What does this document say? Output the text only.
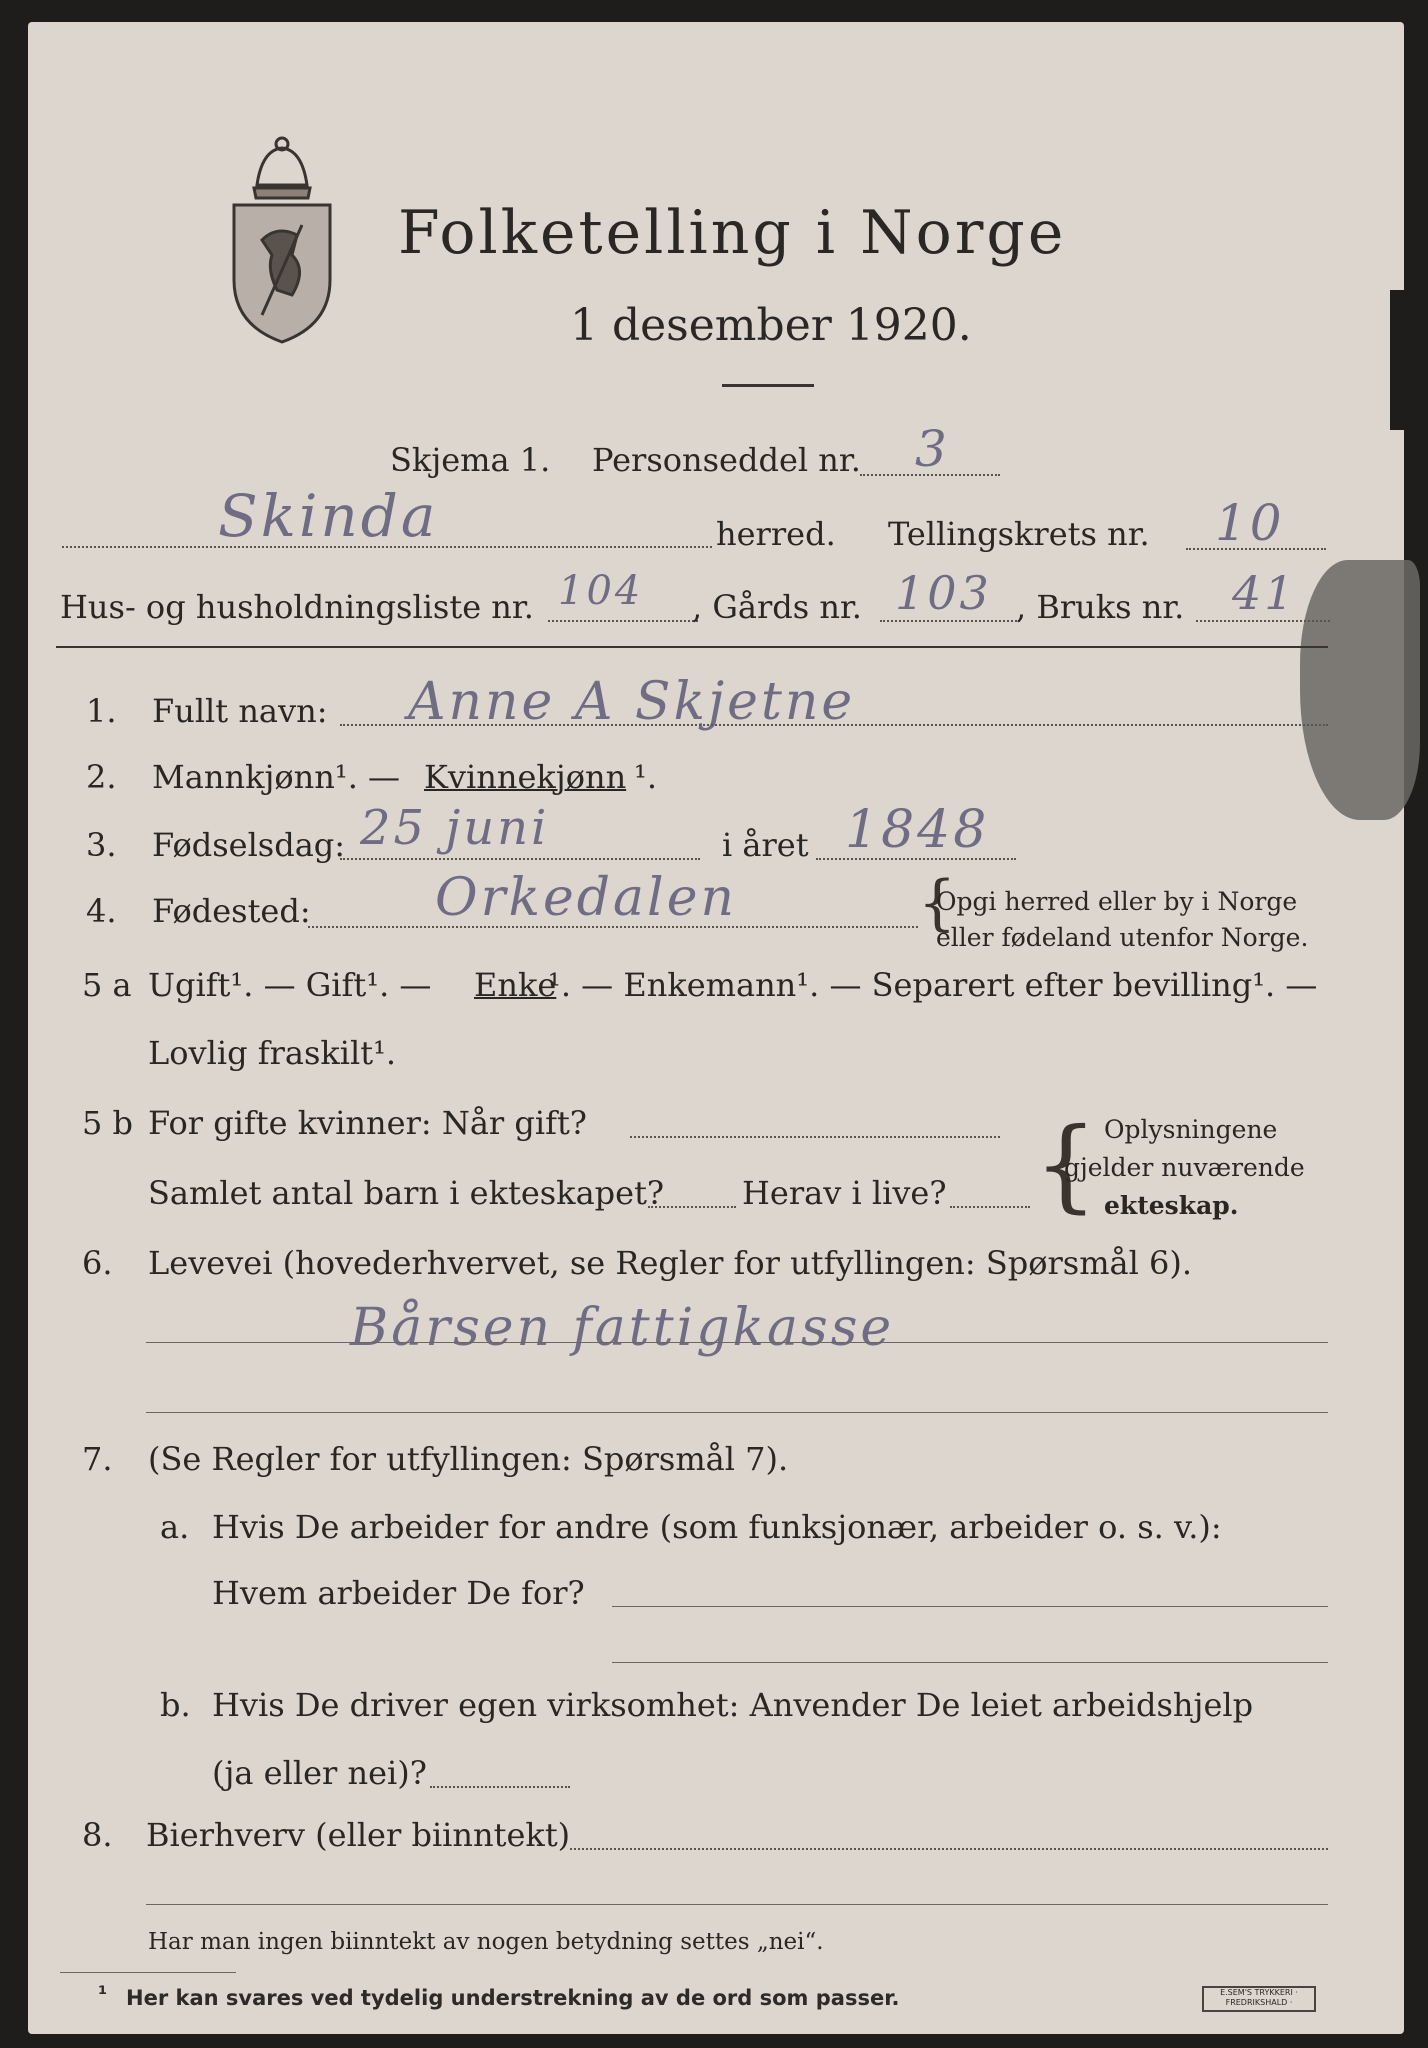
Folketelling i Norge
1 desember 1920.
Skjema 1. Personseddel nr. 3
Skinda	herred. Tellingskrets nr. 10
Hus- og husholdningsliste nr. 104 , Gårds nr. 103 , Bruks nr. 41
1. Fullt navn: Anne A Skjetne
2. Mannkjønn¹. — Kvinnekjønn ¹.
3. Fødselsdag: 25 juni	i året 1848
4. Fødested: Orkedalen	{
Opgi herred eller by i Norge
eller fødeland utenfor Norge.
5 a Ugift¹. — Gift¹. — Enke
¹. — Enkemann¹. — Separert efter bevilling¹. —
Lovlig fraskilt¹.
5 b For gifte kvinner: Når gift?
Samlet antal barn i ekteskapet? Herav i live? { Oplysningene
gjelder nuværende
ekteskap.
6. Levevei (hovederhvervet, se Regler for utfyllingen: Spørsmål 6).
Bårsen fattigkasse
7. (Se Regler for utfyllingen: Spørsmål 7).
a. Hvis De arbeider for andre (som funksjonær, arbeider o. s. v.):
Hvem arbeider De for?
b. Hvis De driver egen virksomhet: Anvender De leiet arbeidshjelp
(ja eller nei)?
8. Bierhverv (eller biinntekt)
Har man ingen biinntekt av nogen betydning settes „nei“.
¹ Her kan svares ved tydelig understrekning av de ord som passer.	E.SEM'S TRYKKERI · FREDRIKSHALD ·
